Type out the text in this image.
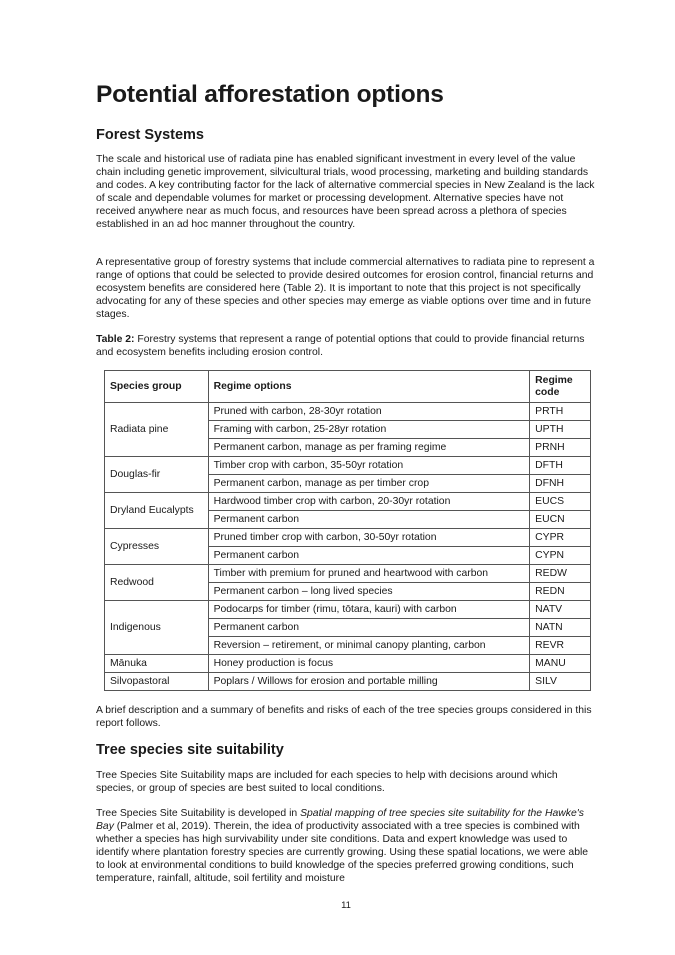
Potential afforestation options
Forest Systems

The scale and historical use of radiata pine has enabled significant investment in every level of the value chain including genetic improvement, silvicultural trials, wood processing, marketing and building standards and codes. A key contributing factor for the lack of alternative commercial species in New Zealand is the lack of scale and dependable volumes for market or processing development. Alternative species have not received anywhere near as much focus, and resources have been spread across a plethora of species established in an ad hoc manner throughout the country.

A representative group of forestry systems that include commercial alternatives to radiata pine to represent a range of options that could be selected to provide desired outcomes for erosion control, financial returns and ecosystem benefits are considered here (Table 2). It is important to note that this project is not specifically advocating for any of these species and other species may emerge as viable options over time and in future stages.

Table 2: Forestry systems that represent a range of potential options that could to provide financial returns and ecosystem benefits including erosion control.

Species group	Regime options	Regime code
Radiata pine	Pruned with carbon, 28-30yr rotation	PRTH
	Framing with carbon, 25-28yr rotation	UPTH
	Permanent carbon, manage as per framing regime	PRNH
Douglas-fir	Timber crop with carbon, 35-50yr rotation	DFTH
	Permanent carbon, manage as per timber crop	DFNH
Dryland Eucalypts	Hardwood timber crop with carbon, 20-30yr rotation	EUCS
	Permanent carbon	EUCN
Cypresses	Pruned timber crop with carbon, 30-50yr rotation	CYPR
	Permanent carbon	CYPN
Redwood	Timber with premium for pruned and heartwood with carbon	REDW
	Permanent carbon – long lived species	REDN
Indigenous	Podocarps for timber (rimu, tōtara, kauri) with carbon	NATV
	Permanent carbon	NATN
	Reversion – retirement, or minimal canopy planting, carbon	REVR
Mānuka	Honey production is focus	MANU
Silvopastoral	Poplars / Willows for erosion and portable milling	SILV

A brief description and a summary of benefits and risks of each of the tree species groups considered in this report follows.

Tree species site suitability

Tree Species Site Suitability maps are included for each species to help with decisions around which species, or group of species are best suited to local conditions.

Tree Species Site Suitability is developed in Spatial mapping of tree species site suitability for the Hawke's Bay (Palmer et al, 2019). Therein, the idea of productivity associated with a tree species is combined with whether a species has high survivability under site conditions. Data and expert knowledge was used to identify where plantation forestry species are currently growing. Using these spatial locations, we were able to look at environmental conditions to build knowledge of the species preferred growing conditions, such temperature, rainfall, altitude, soil fertility and moisture

11
